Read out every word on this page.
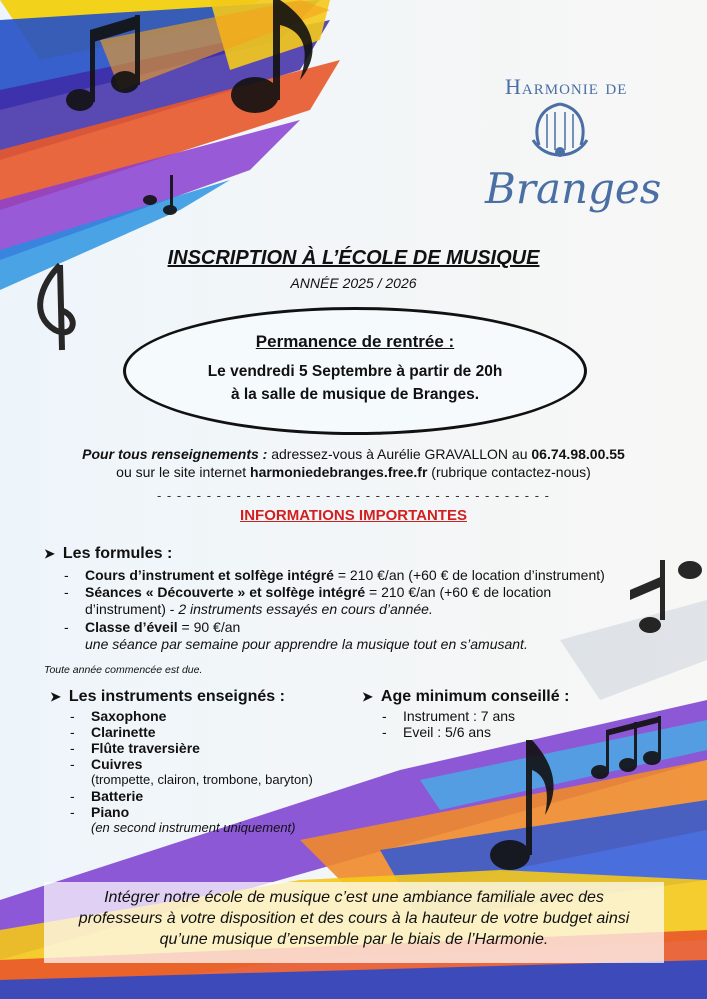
Harmonie de
Branges
INSCRIPTION À L’ÉCOLE DE MUSIQUE
ANNÉE 2025 / 2026
Permanence de rentrée :
Le vendredi 5 Septembre à partir de 20h
à la salle de musique de Branges.
Pour tous renseignements : adressez-vous à Aurélie GRAVALLON au 06.74.98.00.55
ou sur le site internet harmoniedebranges.free.fr (rubrique contactez-nous)
- - - - - - - - - - - - - - - - - - - - - - - - - - - - - - - - - - - - - - - -
INFORMATIONS IMPORTANTES
➤ Les formules :
- Cours d’instrument et solfège intégré = 210 €/an (+60 € de location d’instrument)
- Séances « Découverte » et solfège intégré = 210 €/an (+60 € de location
d’instrument) - 2 instruments essayés en cours d’année.
- Classe d’éveil = 90 €/an
une séance par semaine pour apprendre la musique tout en s’amusant.
Toute année commencée est due.
➤ Les instruments enseignés :
- Saxophone
- Clarinette
- Flûte traversière
- Cuivres
(trompette, clairon, trombone, baryton)
- Batterie
- Piano
(en second instrument uniquement)
➤ Age minimum conseillé :
- Instrument : 7 ans
- Eveil : 5/6 ans
Intégrer notre école de musique c’est une ambiance familiale avec des
professeurs à votre disposition et des cours à la hauteur de votre budget ainsi
qu’une musique d’ensemble par le biais de l’Harmonie.
